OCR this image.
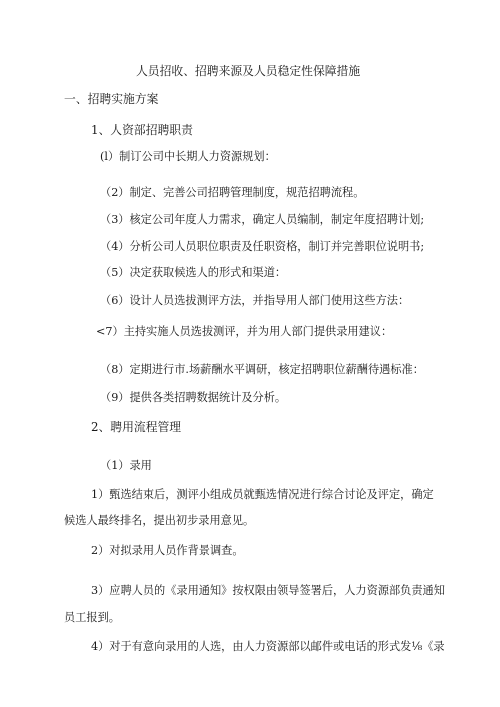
人员招收、招聘来源及人员稳定性保障措施
一、招聘实施方案
1、人资部招聘职责
(l）制订公司中长期人力资源规划：
（2）制定、完善公司招聘管理制度，规范招聘流程。
（3）核定公司年度人力需求，确定人员编制，制定年度招聘计划;
（4）分析公司人员职位职责及任职资格，制订并完善职位说明书;
（5）决定获取候选人的形式和渠道：
（6）设计人员选拔测评方法，并指导用人部门使用这些方法：
<7）主持实施人员选拔测评，并为用人部门提供录用建议：
（8）定期进行市.场薪酬水平调研，核定招聘职位薪酬待遇标准：
（9）提供各类招聘数据统计及分析。
2、聘用流程管理
（1）录用
1）甄选结束后，测评小组成员就甄选情况进行综合讨论及评定，确定
候选人最终排名，提出初步录用意见。
2）对拟录用人员作背景调查。
3）应聘人员的《录用通知》按权限由领导签署后，人力资源部负责通知
员工报到。
4）对于有意向录用的人选，由人力资源部以邮件或电话的形式发⅛《录
